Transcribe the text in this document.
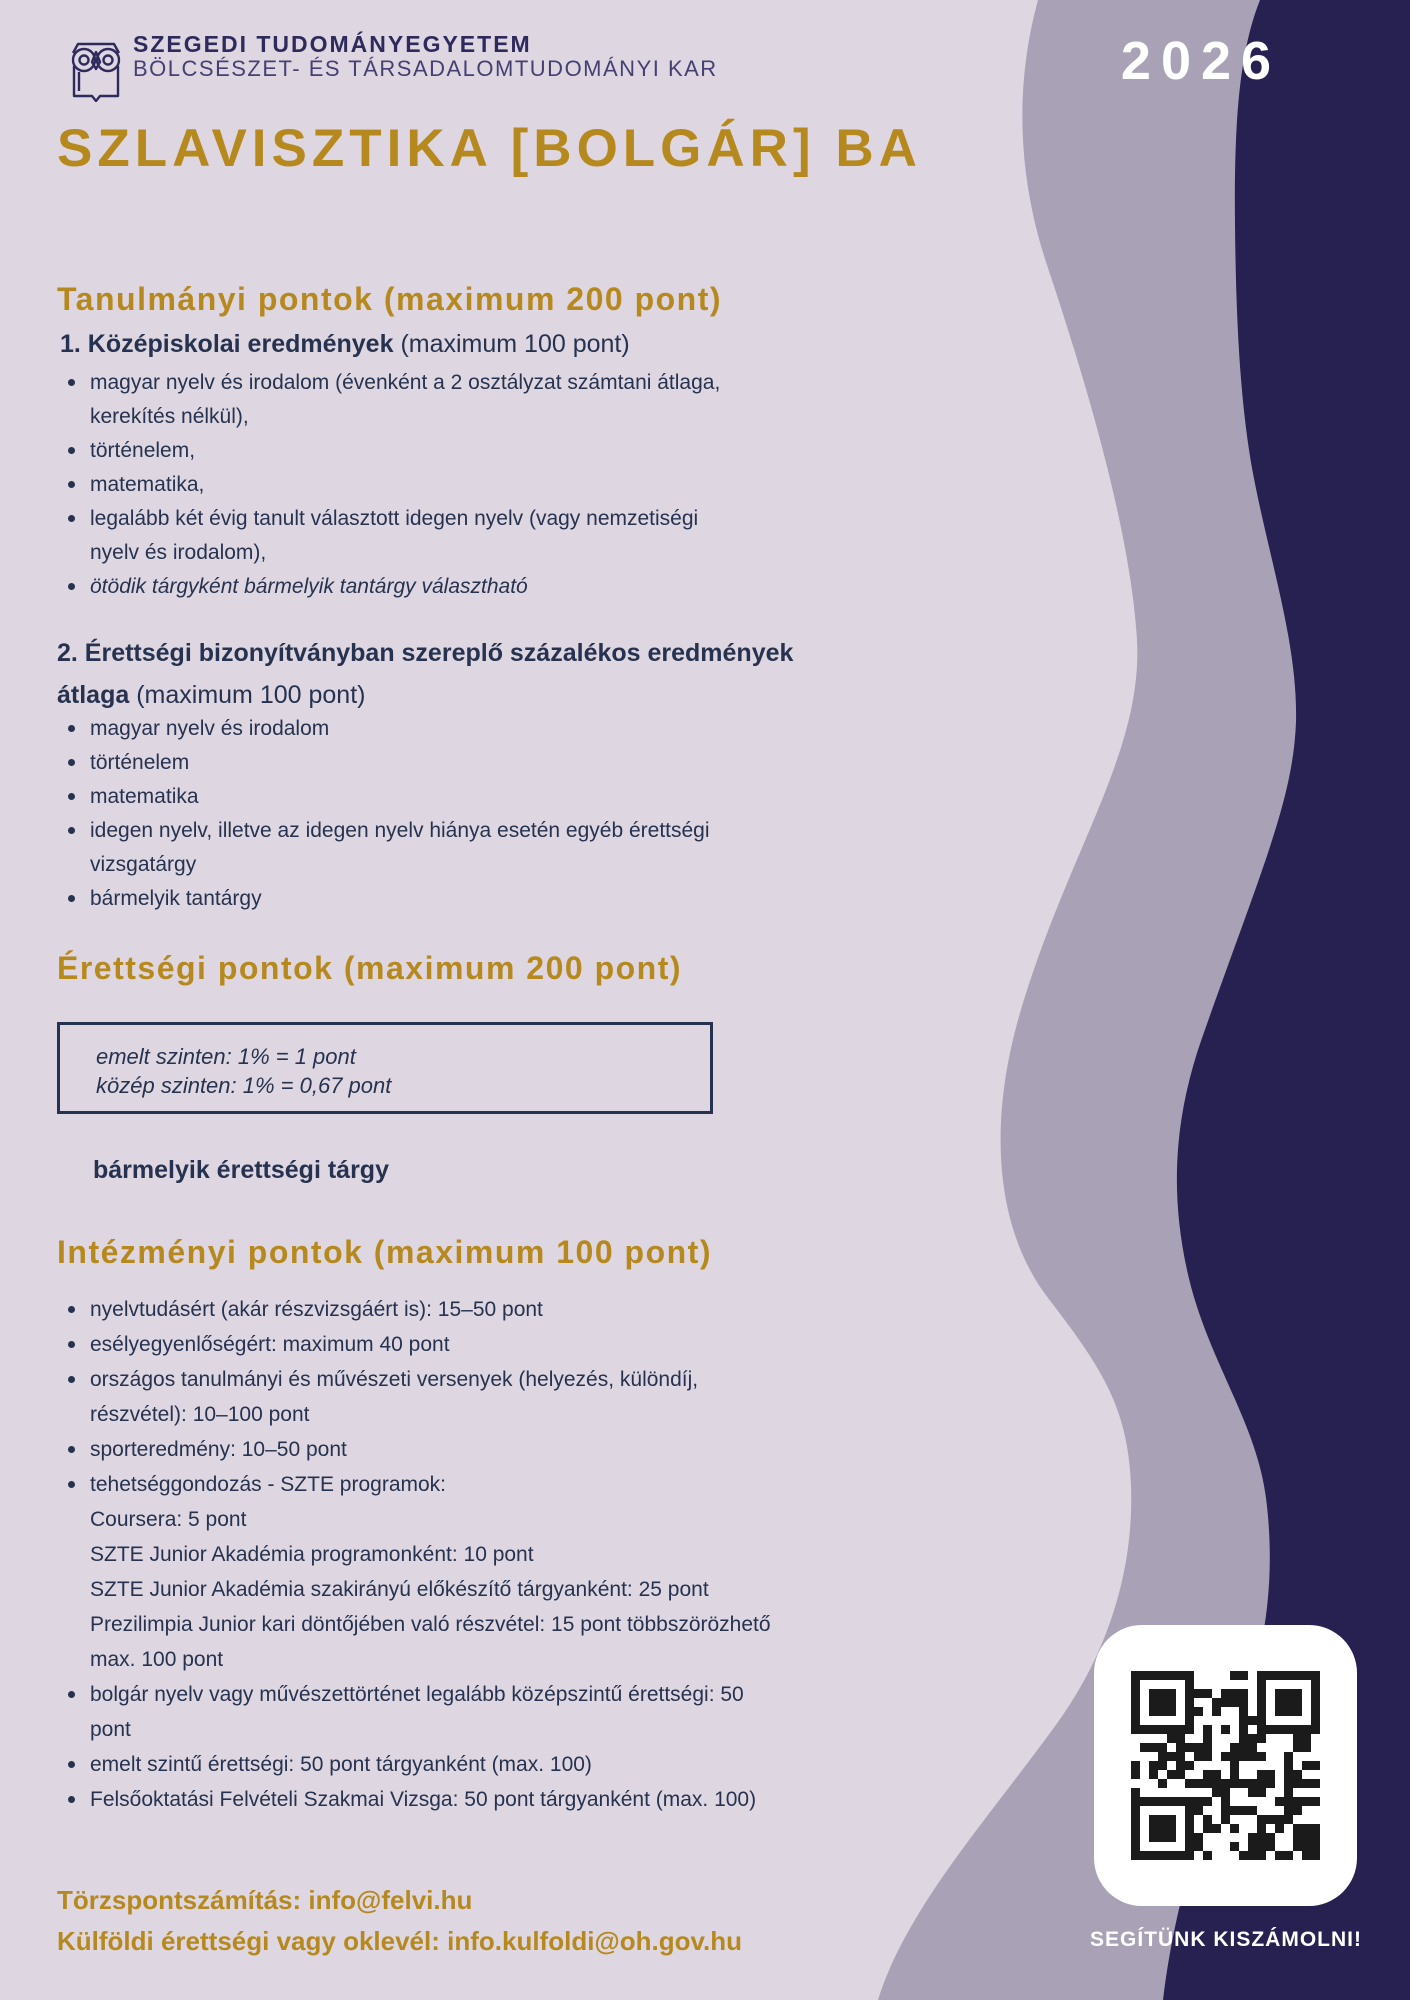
SZEGEDI TUDOMÁNYEGYETEM
BÖLCSÉSZET- ÉS TÁRSADALOMTUDOMÁNYI KAR	2026
SZLAVISZTIKA [BOLGÁR] BA
Tanulmányi pontok (maximum 200 pont)
1. Középiskolai eredmények (maximum 100 pont)
magyar nyelv és irodalom (évenként a 2 osztályzat számtani átlaga,
kerekítés nélkül),
történelem,
matematika,
legalább két évig tanult választott idegen nyelv (vagy nemzetiségi
nyelv és irodalom),
ötödik tárgyként bármelyik tantárgy választható
2. Érettségi bizonyítványban szereplő százalékos eredmények
átlaga (maximum 100 pont)
magyar nyelv és irodalom
történelem
matematika
idegen nyelv, illetve az idegen nyelv hiánya esetén egyéb érettségi
vizsgatárgy
bármelyik tantárgy
Érettségi pontok (maximum 200 pont)
emelt szinten: 1% = 1 pont
közép szinten: 1% = 0,67 pont
bármelyik érettségi tárgy
Intézményi pontok (maximum 100 pont)
nyelvtudásért (akár részvizsgáért is): 15–50 pont
esélyegyenlőségért: maximum 40 pont
országos tanulmányi és művészeti versenyek (helyezés, különdíj,
részvétel): 10–100 pont
sporteredmény: 10–50 pont
tehetséggondozás - SZTE programok:
Coursera: 5 pont
SZTE Junior Akadémia programonként: 10 pont
SZTE Junior Akadémia szakirányú előkészítő tárgyanként: 25 pont
Prezilimpia Junior kari döntőjében való részvétel: 15 pont többszörözhető
max. 100 pont
bolgár nyelv vagy művészettörténet legalább középszintű érettségi: 50
pont
emelt szintű érettségi: 50 pont tárgyanként (max. 100)
Felsőoktatási Felvételi Szakmai Vizsga: 50 pont tárgyanként (max. 100)
Törzspontszámítás: info@felvi.hu
Külföldi érettségi vagy oklevél: info.kulfoldi@oh.gov.hu	SEGÍTÜNK KISZÁMOLNI!
